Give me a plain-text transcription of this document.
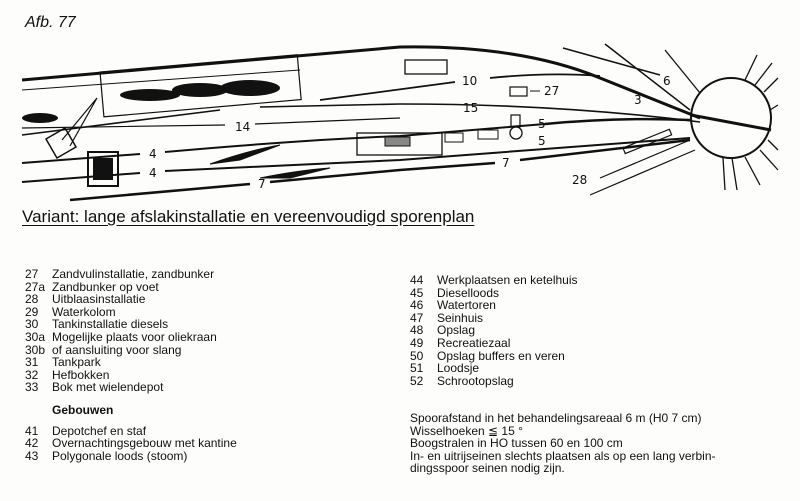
Afb. 77
14
4
4
7
10
15
27
5
5
7
3
6
28
Variant: lange afslakinstallatie en vereenvoudigd sporenplan
27	Zandvulinstallatie, zandbunker
27a Zandbunker op voet
28	Uitblaasinstallatie
29	Waterkolom
30	Tankinstallatie diesels
30a Mogelijke plaats voor oliekraan
30b of aansluiting voor slang
31	Tankpark
32	Hefbokken
33	Bok met wielendepot
Gebouwen
41	Depotchef en staf
42	Overnachtingsgebouw met kantine
43	Polygonale loods (stoom)
44	Werkplaatsen en ketelhuis
45	Dieselloods
46	Watertoren
47	Seinhuis
48	Opslag
49	Recreatiezaal
50	Opslag buffers en veren
51	Loodsje
52	Schrootopslag
Spoorafstand in het behandelingsareaal 6 m (H0 7 cm)
Wisselhoeken ≦ 15 °
Boogstralen in HO tussen 60 en 100 cm
In- en uitrijseinen slechts plaatsen als op een lang verbin-
dingsspoor seinen nodig zijn.
